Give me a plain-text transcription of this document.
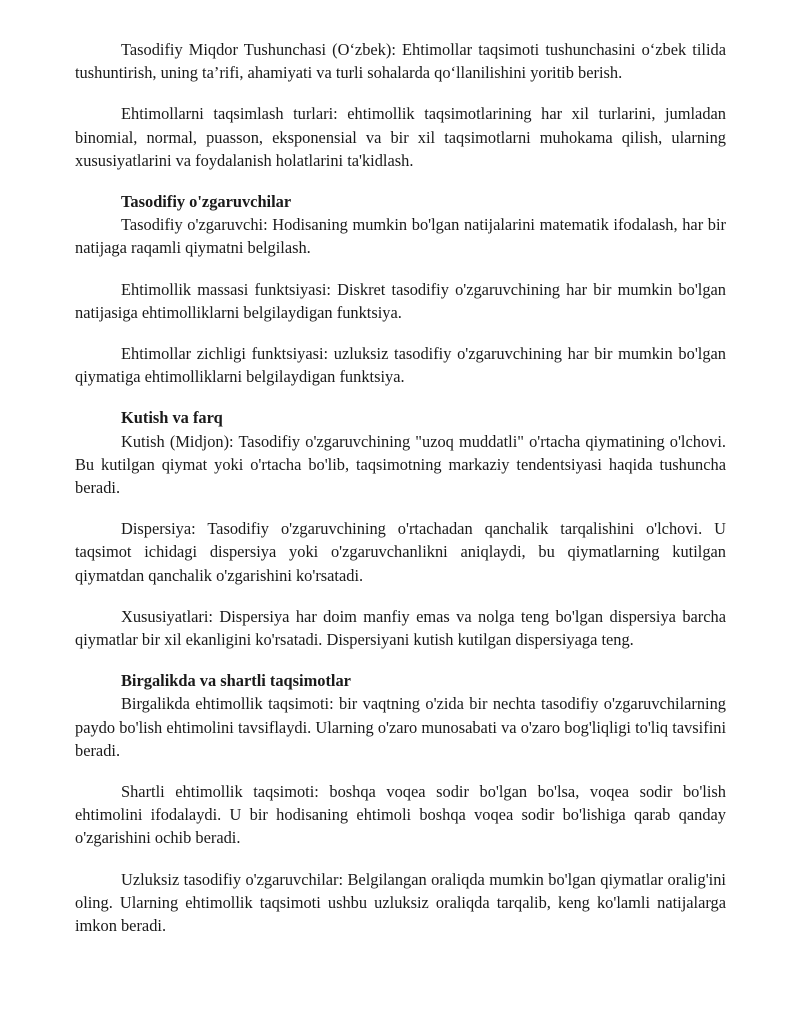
Tasodifiy Miqdor Tushunchasi (O‘zbek): Ehtimollar taqsimoti tushunchasini o‘zbek tilida tushuntirish, uning ta’rifi, ahamiyati va turli sohalarda qo‘llanilishini yoritib berish.

Ehtimollarni taqsimlash turlari: ehtimollik taqsimotlarining har xil turlarini, jumladan binomial, normal, puasson, eksponensial va bir xil taqsimotlarni muhokama qilish, ularning xususiyatlarini va foydalanish holatlarini ta'kidlash.

Tasodifiy o'zgaruvchilar

Tasodifiy o'zgaruvchi: Hodisaning mumkin bo'lgan natijalarini matematik ifodalash, har bir natijaga raqamli qiymatni belgilash.

Ehtimollik massasi funktsiyasi: Diskret tasodifiy o'zgaruvchining har bir mumkin bo'lgan natijasiga ehtimolliklarni belgilaydigan funktsiya.

Ehtimollar zichligi funktsiyasi: uzluksiz tasodifiy o'zgaruvchining har bir mumkin bo'lgan qiymatiga ehtimolliklarni belgilaydigan funktsiya.

Kutish va farq

Kutish (Midjon): Tasodifiy o'zgaruvchining "uzoq muddatli" o'rtacha qiymatining o'lchovi. Bu kutilgan qiymat yoki o'rtacha bo'lib, taqsimotning markaziy tendentsiyasi haqida tushuncha beradi.

Dispersiya: Tasodifiy o'zgaruvchining o'rtachadan qanchalik tarqalishini o'lchovi. U taqsimot ichidagi dispersiya yoki o'zgaruvchanlikni aniqlaydi, bu qiymatlarning kutilgan qiymatdan qanchalik o'zgarishini ko'rsatadi.

Xususiyatlari: Dispersiya har doim manfiy emas va nolga teng bo'lgan dispersiya barcha qiymatlar bir xil ekanligini ko'rsatadi. Dispersiyani kutish kutilgan dispersiyaga teng.

Birgalikda va shartli taqsimotlar

Birgalikda ehtimollik taqsimoti: bir vaqtning o'zida bir nechta tasodifiy o'zgaruvchilarning paydo bo'lish ehtimolini tavsiflaydi. Ularning o'zaro munosabati va o'zaro bog'liqligi to'liq tavsifini beradi.

Shartli ehtimollik taqsimoti: boshqa voqea sodir bo'lgan bo'lsa, voqea sodir bo'lish ehtimolini ifodalaydi. U bir hodisaning ehtimoli boshqa voqea sodir bo'lishiga qarab qanday o'zgarishini ochib beradi.

Uzluksiz tasodifiy o'zgaruvchilar: Belgilangan oraliqda mumkin bo'lgan qiymatlar oralig'ini oling. Ularning ehtimollik taqsimoti ushbu uzluksiz oraliqda tarqalib, keng ko'lamli natijalarga imkon beradi.
